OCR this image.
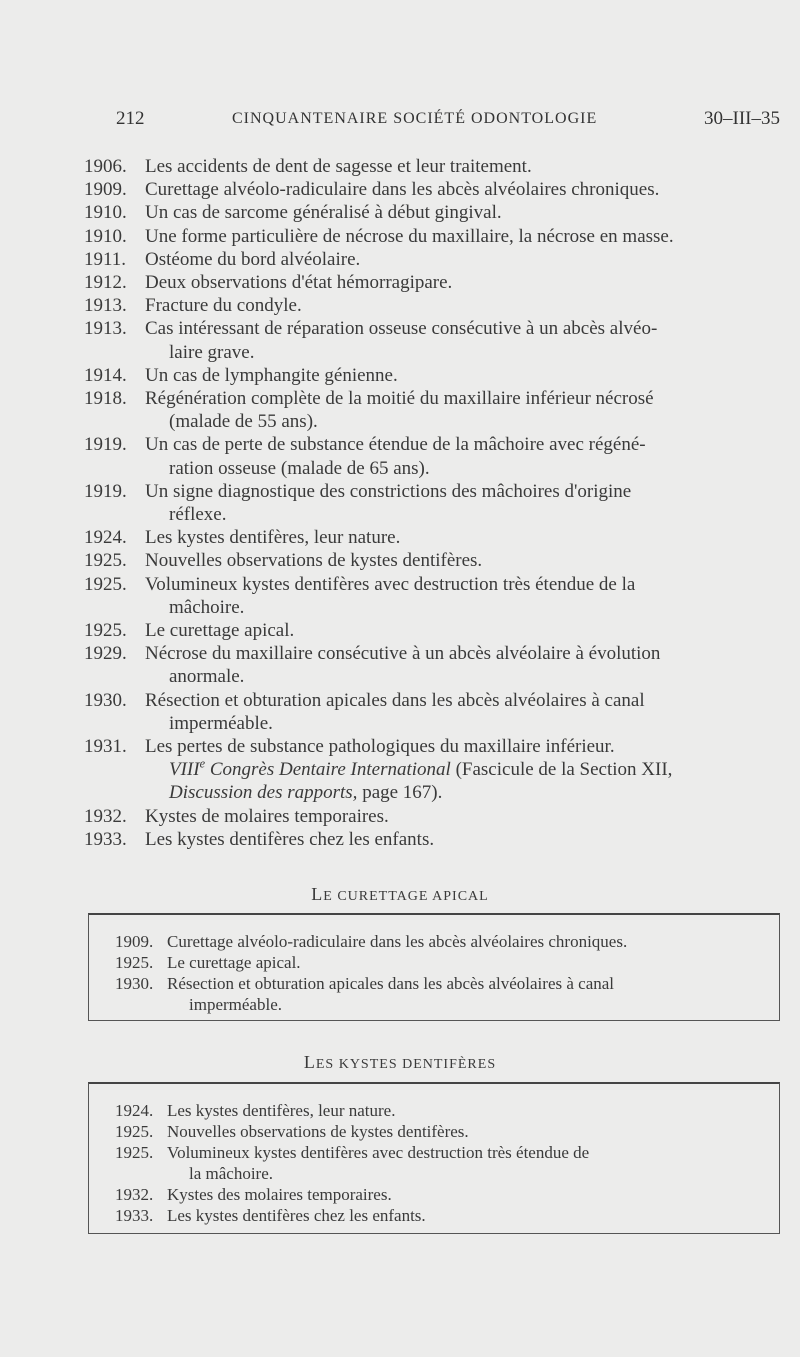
212	CINQUANTENAIRE SOCIÉTÉ ODONTOLOGIE	30–III–35
1906. Les accidents de dent de sagesse et leur traitement.
1909. Curettage alvéolo-radiculaire dans les abcès alvéolaires chroniques.
1910. Un cas de sarcome généralisé à début gingival.
1910. Une forme particulière de nécrose du maxillaire, la nécrose en masse.
1911. Ostéome du bord alvéolaire.
1912. Deux observations d'état hémorragipare.
1913. Fracture du condyle.
1913. Cas intéressant de réparation osseuse consécutive à un abcès alvéo-
laire grave.
1914. Un cas de lymphangite génienne.
1918. Régénération complète de la moitié du maxillaire inférieur nécrosé
(malade de 55 ans).
1919. Un cas de perte de substance étendue de la mâchoire avec régéné-
ration osseuse (malade de 65 ans).
1919. Un signe diagnostique des constrictions des mâchoires d'origine
réflexe.
1924. Les kystes dentifères, leur nature.
1925. Nouvelles observations de kystes dentifères.
1925. Volumineux kystes dentifères avec destruction très étendue de la
mâchoire.
1925. Le curettage apical.
1929. Nécrose du maxillaire consécutive à un abcès alvéolaire à évolution
anormale.
1930. Résection et obturation apicales dans les abcès alvéolaires à canal
imperméable.
1931. Les pertes de substance pathologiques du maxillaire inférieur.
VIIIe Congrès Dentaire International (Fascicule de la Section XII,
Discussion des rapports, page 167).
1932. Kystes de molaires temporaires.
1933. Les kystes dentifères chez les enfants.
LE CURETTAGE APICAL
1909. Curettage alvéolo-radiculaire dans les abcès alvéolaires chroniques.
1925. Le curettage apical.
1930. Résection et obturation apicales dans les abcès alvéolaires à canal
imperméable.
LES KYSTES DENTIFÈRES
1924. Les kystes dentifères, leur nature.
1925. Nouvelles observations de kystes dentifères.
1925. Volumineux kystes dentifères avec destruction très étendue de
la mâchoire.
1932. Kystes des molaires temporaires.
1933. Les kystes dentifères chez les enfants.
